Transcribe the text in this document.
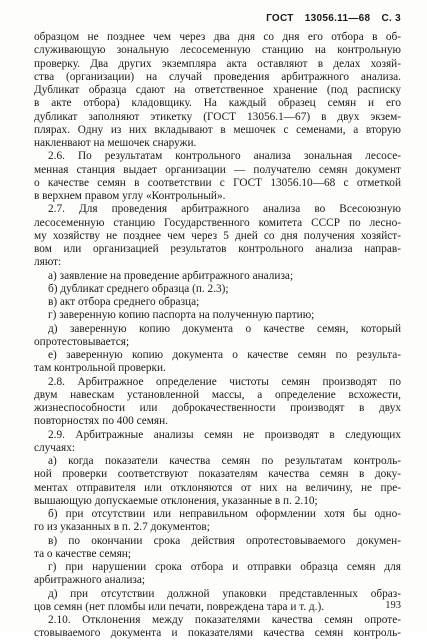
ГОСТ 13056.11—68 С. 3
образцом не позднее чем через два дня со дня его отбора в об-
служивающую зональную лесосеменную станцию на контрольную
проверку. Два других экземпляра акта оставляют в делах хозяй-
ства (организации) на случай проведения арбитражного анализа.
Дубликат образца сдают на ответственное хранение (под расписку
в акте отбора) кладовщику. На каждый образец семян и его
дубликат заполняют этикетку (ГОСТ 13056.1—67) в двух экзем-
плярах. Одну из них вкладывают в мешочек с семенами, а вторую
накленвают на мешочек снаружи.
2.6. По результатам контрольного анализа зональная лесосе-
менная станция выдает организации — получателю семян документ
о качестве семян в соответствии с ГОСТ 13056.10—68 с отметкой
в верхнем правом углу «Контрольный».
2.7. Для проведения арбитражного анализа во Всесоюзную
лесосеменную станцию Государственного комитета СССР по лесно-
му хозяйству не позднее чем через 5 дней со дня получения хозяйст-
вом или организацией результатов контрольного анализа направ-
ляют:
а) заявление на проведение арбитражного анализа;
б) дубликат среднего образца (п. 2.3);
в) акт отбора среднего образца;
г) заверенную копию паспорта на полученную партию;
д) заверенную копию документа о качестве семян, который
опротестовывается;
е) заверенную копию документа о качестве семян по результа-
там контрольной проверки.
2.8. Арбитражное определение чистоты семян производят по
двум навескам установленной массы, а определение всхожести,
жизнеспособности или доброкачественности производят в двух
повторностях по 400 семян.
2.9. Арбитражные анализы семян не производят в следующих
случаях:
а) когда показатели качества семян по результатам контроль-
ной проверки соответствуют показателям качества семян в доку-
ментах отправителя или отклоняются от них на величину, не пре-
вышающую допускаемые отклонения, указанные в п. 2.10;
б) при отсутствии или неправильном оформлении хотя бы одно-
го из указанных в п. 2.7 документов;
в) по окончании срока действия опротестовываемого докумен-
та о качестве семян;
г) при нарушении срока отбора и отправки образца семян для
арбитражного анализа;
д) при отсутствии должной упаковки представленных образ-
цов семян (нет пломбы или печати, повреждена тара и т. д.).
2.10. Отклонения между показателями качества семян опроте-
стовываемого документа и показателями качества семян контроль-
193
